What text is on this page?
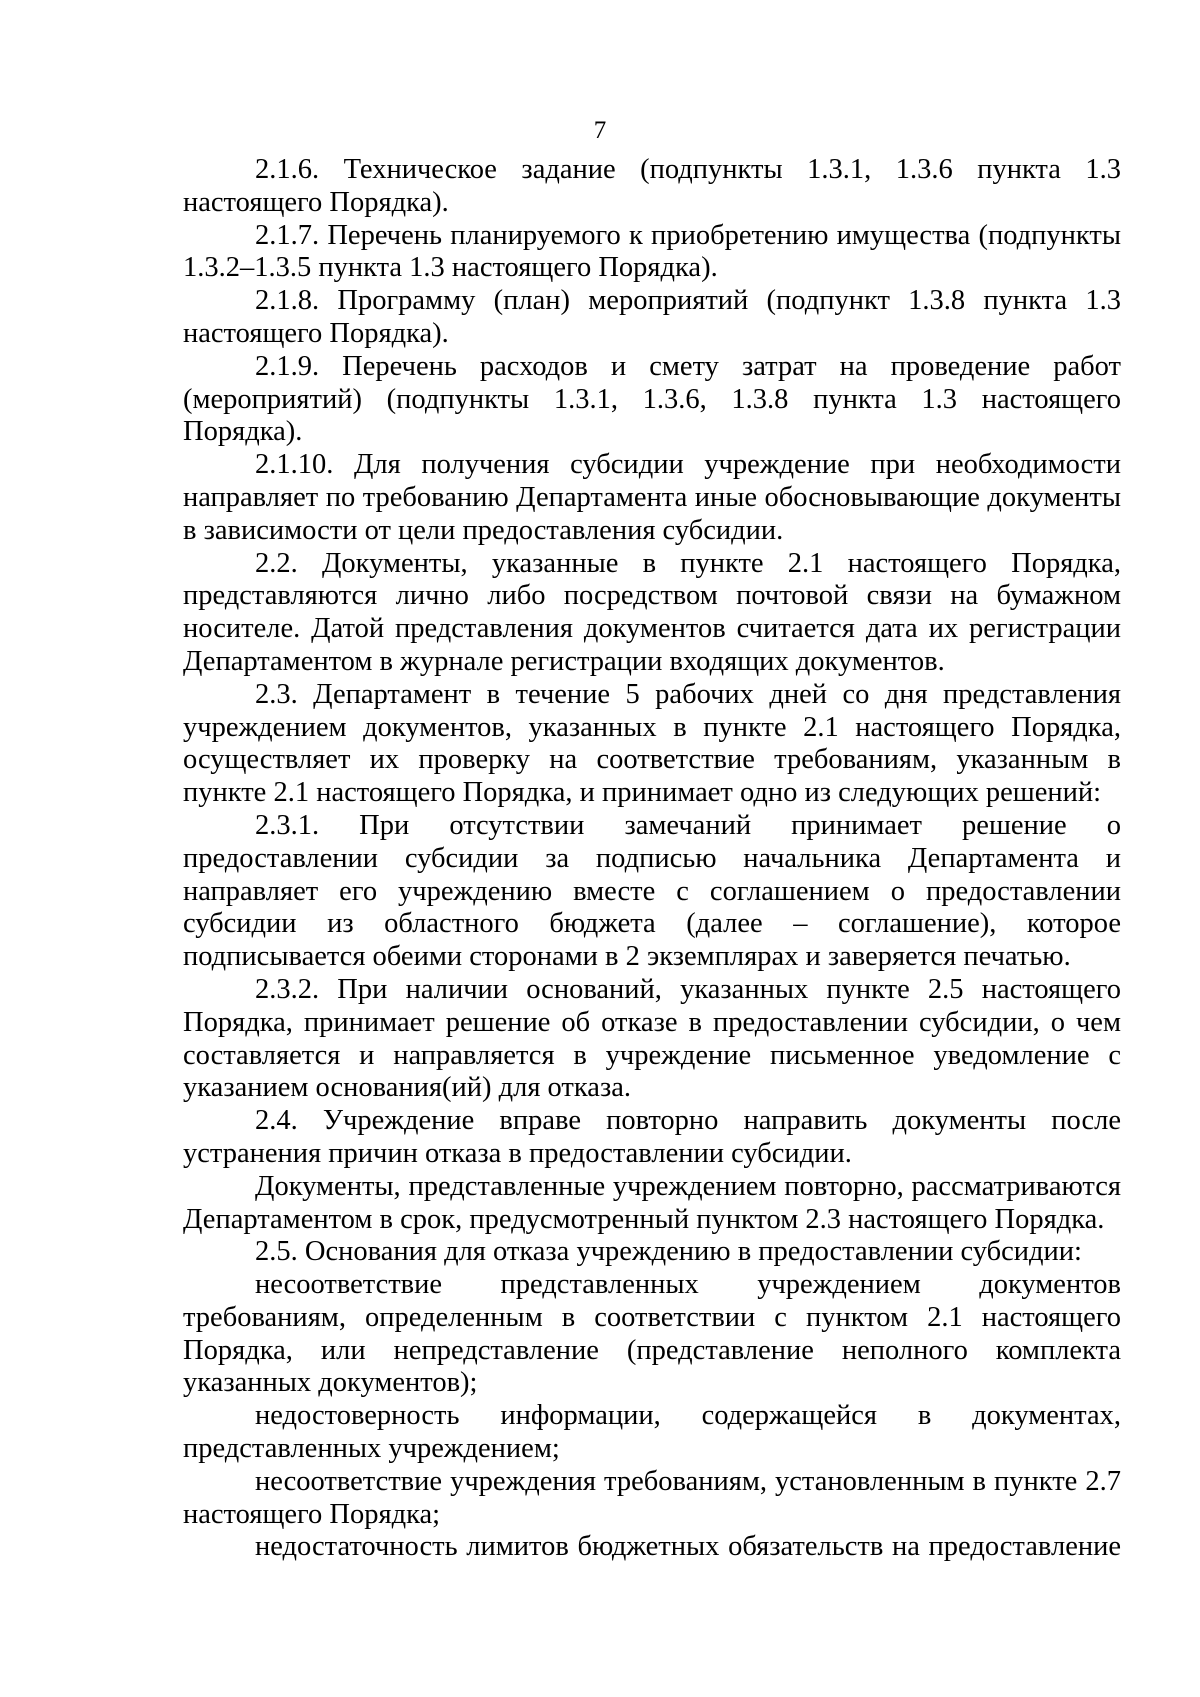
7

2.1.6. Техническое задание (подпункты 1.3.1, 1.3.6 пункта 1.3 настоящего Порядка).

2.1.7. Перечень планируемого к приобретению имущества (подпункты 1.3.2–1.3.5 пункта 1.3 настоящего Порядка).

2.1.8. Программу (план) мероприятий (подпункт 1.3.8 пункта 1.3 настоящего Порядка).

2.1.9. Перечень расходов и смету затрат на проведение работ (мероприятий) (подпункты 1.3.1, 1.3.6, 1.3.8 пункта 1.3 настоящего Порядка).

2.1.10. Для получения субсидии учреждение при необходимости направляет по требованию Департамента иные обосновывающие документы в зависимости от цели предоставления субсидии.

2.2. Документы, указанные в пункте 2.1 настоящего Порядка, представляются лично либо посредством почтовой связи на бумажном носителе. Датой представления документов считается дата их регистрации Департаментом в журнале регистрации входящих документов.

2.3. Департамент в течение 5 рабочих дней со дня представления учреждением документов, указанных в пункте 2.1 настоящего Порядка, осуществляет их проверку на соответствие требованиям, указанным в пункте 2.1 настоящего Порядка, и принимает одно из следующих решений:

2.3.1. При отсутствии замечаний принимает решение о предоставлении субсидии за подписью начальника Департамента и направляет его учреждению вместе с соглашением о предоставлении субсидии из областного бюджета (далее – соглашение), которое подписывается обеими сторонами в 2 экземплярах и заверяется печатью.

2.3.2. При наличии оснований, указанных пункте 2.5 настоящего Порядка, принимает решение об отказе в предоставлении субсидии, о чем составляется и направляется в учреждение письменное уведомление с указанием основания(ий) для отказа.

2.4. Учреждение вправе повторно направить документы после устранения причин отказа в предоставлении субсидии.

Документы, представленные учреждением повторно, рассматриваются Департаментом в срок, предусмотренный пунктом 2.3 настоящего Порядка.

2.5. Основания для отказа учреждению в предоставлении субсидии:

несоответствие представленных учреждением документов требованиям, определенным в соответствии с пунктом 2.1 настоящего Порядка, или непредставление (представление неполного комплекта указанных документов);

недостоверность информации, содержащейся в документах, представленных учреждением;

несоответствие учреждения требованиям, установленным в пункте 2.7 настоящего Порядка;

недостаточность лимитов бюджетных обязательств на предоставление
